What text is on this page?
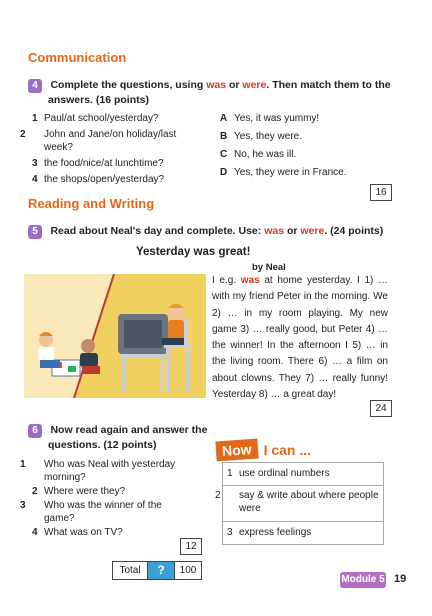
Communication
4 Complete the questions, using was or were. Then match them to the
answers. (16 points)
1 Paul/at school/yesterday?
2 John and Jane/on holiday/last week?
3 the food/nice/at lunchtime?
4 the shops/open/yesterday?
A Yes, it was yummy!
B Yes, they were.
C No, he was ill.
D Yes, they were in France.
16
Reading and Writing
5 Read about Neal's day and complete. Use: was or were. (24 points)
Yesterday was great!
by Neal
I e.g. was at home yesterday. I 1) … with my friend Peter in the morning. We 2) … in my room playing. My new game 3) … really good, but Peter 4) … the winner! In the afternoon I 5) … in the living room. There 6) … a film on about clowns. They 7) … really funny! Yesterday 8) … a great day!
24
6 Now read again and answer the
questions. (12 points)
1 Who was Neal with yesterday morning?
2 Where were they?
3 Who was the winner of the game?
4 What was on TV?
12
Total	?	100
Now I can ...
1 use ordinal numbers
2 say & write about where people were
3 express feelings
Module 5 19
